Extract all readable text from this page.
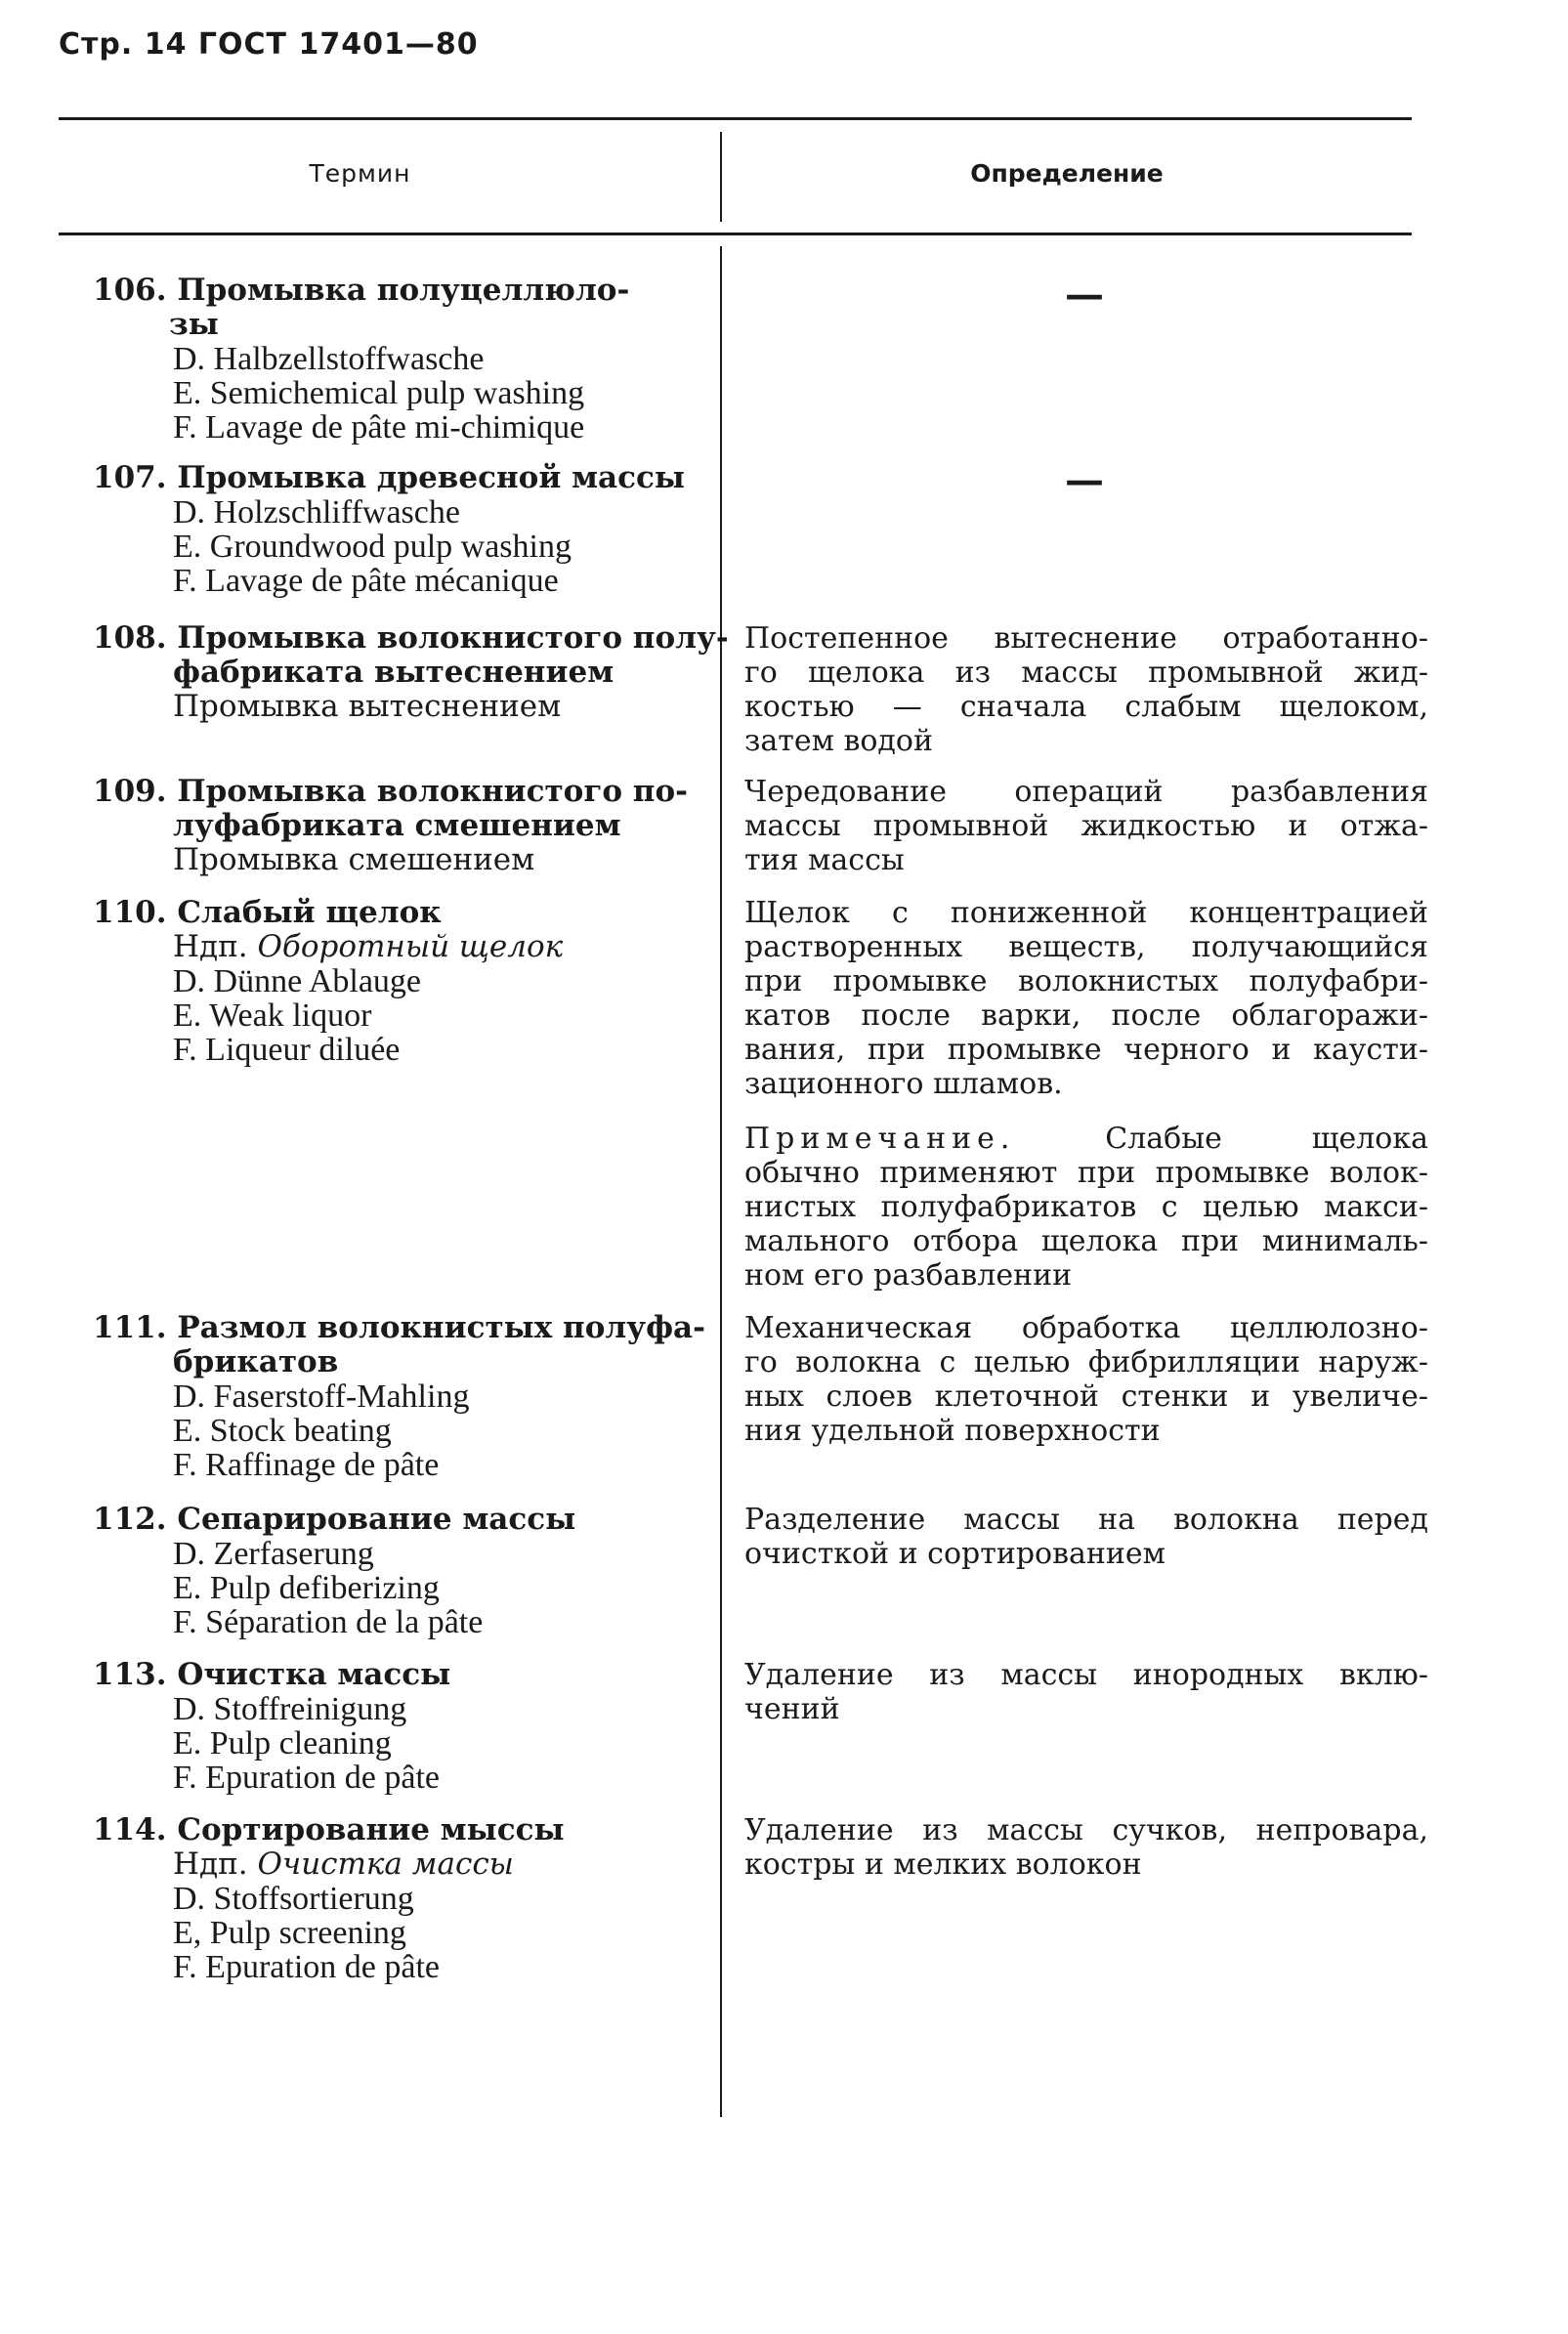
Стр. 14 ГОСТ 17401—80
Термин	Определение
106. Промывка полуцеллюло-
зы
D. Halbzellstoffwasche
E. Semichemical pulp washing
F. Lavage de pâte mi-chimique
—
107. Промывка древесной массы
D. Holzschliffwasche
E. Groundwood pulp washing
F. Lavage de pâte mécanique
—
108. Промывка волокнистого полу-
фабриката вытеснением
Промывка вытеснением
Постепенное вытеснение отработанно-
го щелока из массы промывной жид-
костью — сначала слабым щелоком,
затем водой
109. Промывка волокнистого по-
луфабриката смешением
Промывка смешением
Чередование операций разбавления
массы промывной жидкостью и отжа-
тия массы
110. Слабый щелок
Ндп. Оборотный щелок
D. Dünne Ablauge
E. Weak liquor
F. Liqueur diluée
Щелок с пониженной концентрацией
растворенных веществ, получающийся
при промывке волокнистых полуфабри-
катов после варки, после облагоражи-
вания, при промывке черного и каусти-
зационного шламов.
Примечание.	Слабые щелока
обычно применяют при промывке волок-
нистых полуфабрикатов с целью макси-
мального отбора щелока при минималь-
ном его разбавлении
111. Размол волокнистых полуфа-
брикатов
D. Faserstoff-Mahling
E. Stock beating
F. Raffinage de pâte
Механическая обработка целлюлозно-
го волокна с целью фибрилляции наруж-
ных слоев клеточной стенки и увеличе-
ния удельной поверхности
112. Сепарирование массы
D. Zerfaserung
E. Pulp defiberizing
F. Séparation de la pâte
Разделение массы на волокна перед
очисткой и сортированием
113. Очистка массы
D. Stoffreinigung
E. Pulp cleaning
F. Epuration de pâte
Удаление из массы инородных вклю-
чений
114. Сортирование мыссы
Ндп. Очистка массы
D. Stoffsortierung
E, Pulp screening
F. Epuration de pâte
Удаление из массы сучков, непровара,
костры и мелких волокон
